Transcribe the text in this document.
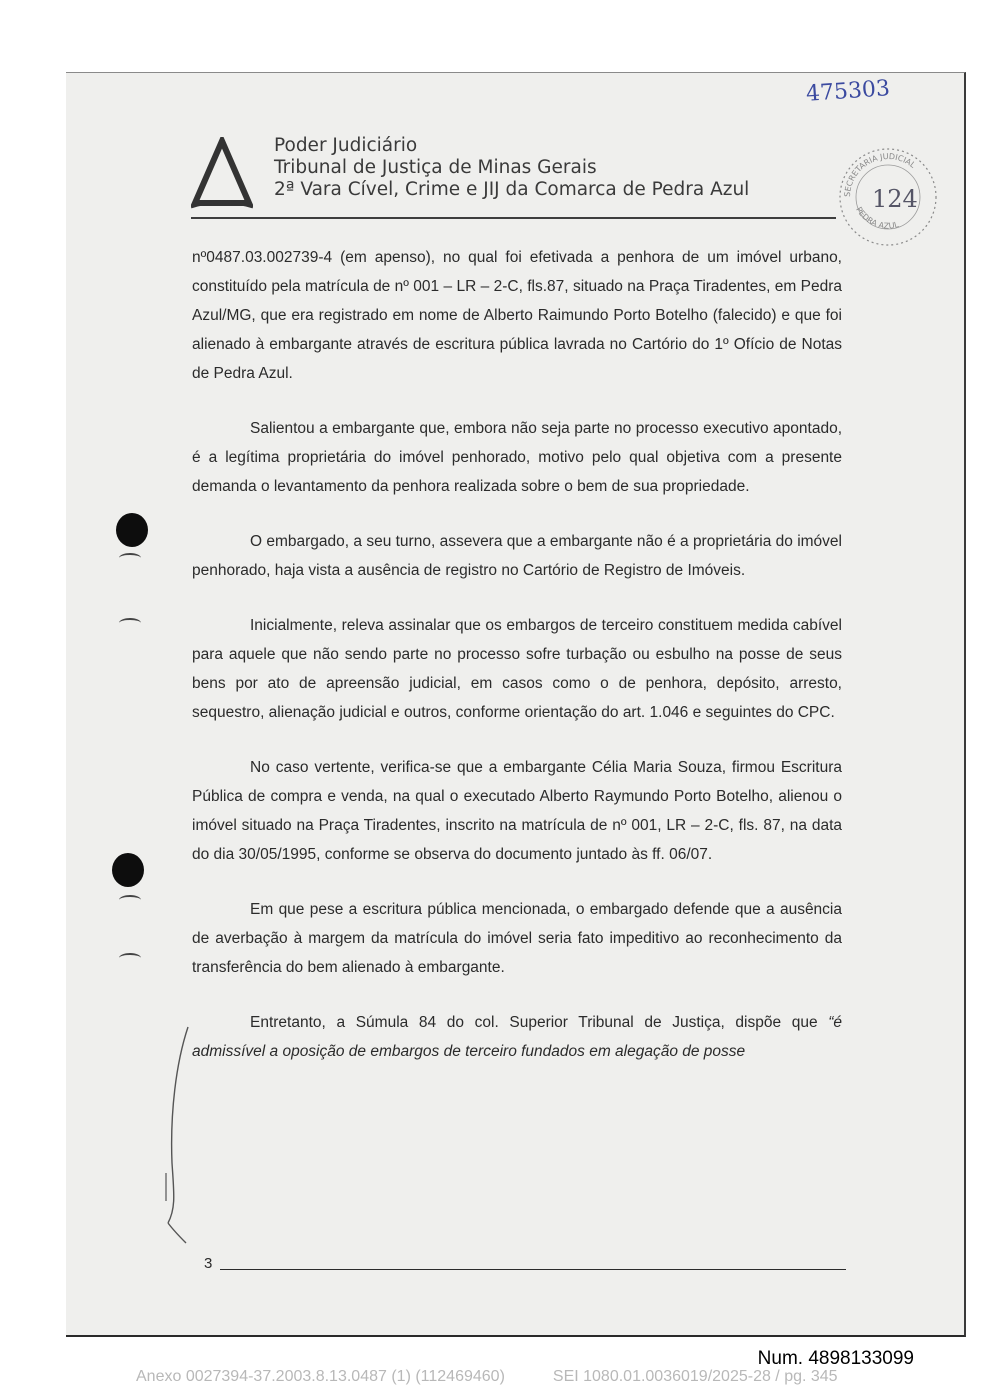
Poder Judiciário
Tribunal de Justiça de Minas Gerais
2ª Vara Cível, Crime e JIJ da Comarca de Pedra Azul
475303
SECRETARIA JUDICIAL
PEDRA AZUL
124

nº0487.03.002739-4 (em apenso), no qual foi efetivada a penhora de um imóvel urbano, constituído pela matrícula de nº 001 – LR – 2-C, fls.87, situado na Praça Tiradentes, em Pedra Azul/MG, que era registrado em nome de Alberto Raimundo Porto Botelho (falecido) e que foi alienado à embargante através de escritura pública lavrada no Cartório do 1º Ofício de Notas de Pedra Azul.

Salientou a embargante que, embora não seja parte no processo executivo apontado, é a legítima proprietária do imóvel penhorado, motivo pelo qual objetiva com a presente demanda o levantamento da penhora realizada sobre o bem de sua propriedade.

O embargado, a seu turno, assevera que a embargante não é a proprietária do imóvel penhorado, haja vista a ausência de registro no Cartório de Registro de Imóveis.

Inicialmente, releva assinalar que os embargos de terceiro constituem medida cabível para aquele que não sendo parte no processo sofre turbação ou esbulho na posse de seus bens por ato de apreensão judicial, em casos como o de penhora, depósito, arresto, sequestro, alienação judicial e outros, conforme orientação do art. 1.046 e seguintes do CPC.

No caso vertente, verifica-se que a embargante Célia Maria Souza, firmou Escritura Pública de compra e venda, na qual o executado Alberto Raymundo Porto Botelho, alienou o imóvel situado na Praça Tiradentes, inscrito na matrícula de nº 001, LR – 2-C, fls. 87, na data do dia 30/05/1995, conforme se observa do documento juntado às ff. 06/07.

Em que pese a escritura pública mencionada, o embargado defende que a ausência de averbação à margem da matrícula do imóvel seria fato impeditivo ao reconhecimento da transferência do bem alienado à embargante.

Entretanto, a Súmula 84 do col. Superior Tribunal de Justiça, dispõe que “é admissível a oposição de embargos de terceiro fundados em alegação de posse

3
Num. 4898133099
Anexo 0027394-37.2003.8.13.0487 (1) (112469460)	SEI 1080.01.0036019/2025-28 / pg. 345
